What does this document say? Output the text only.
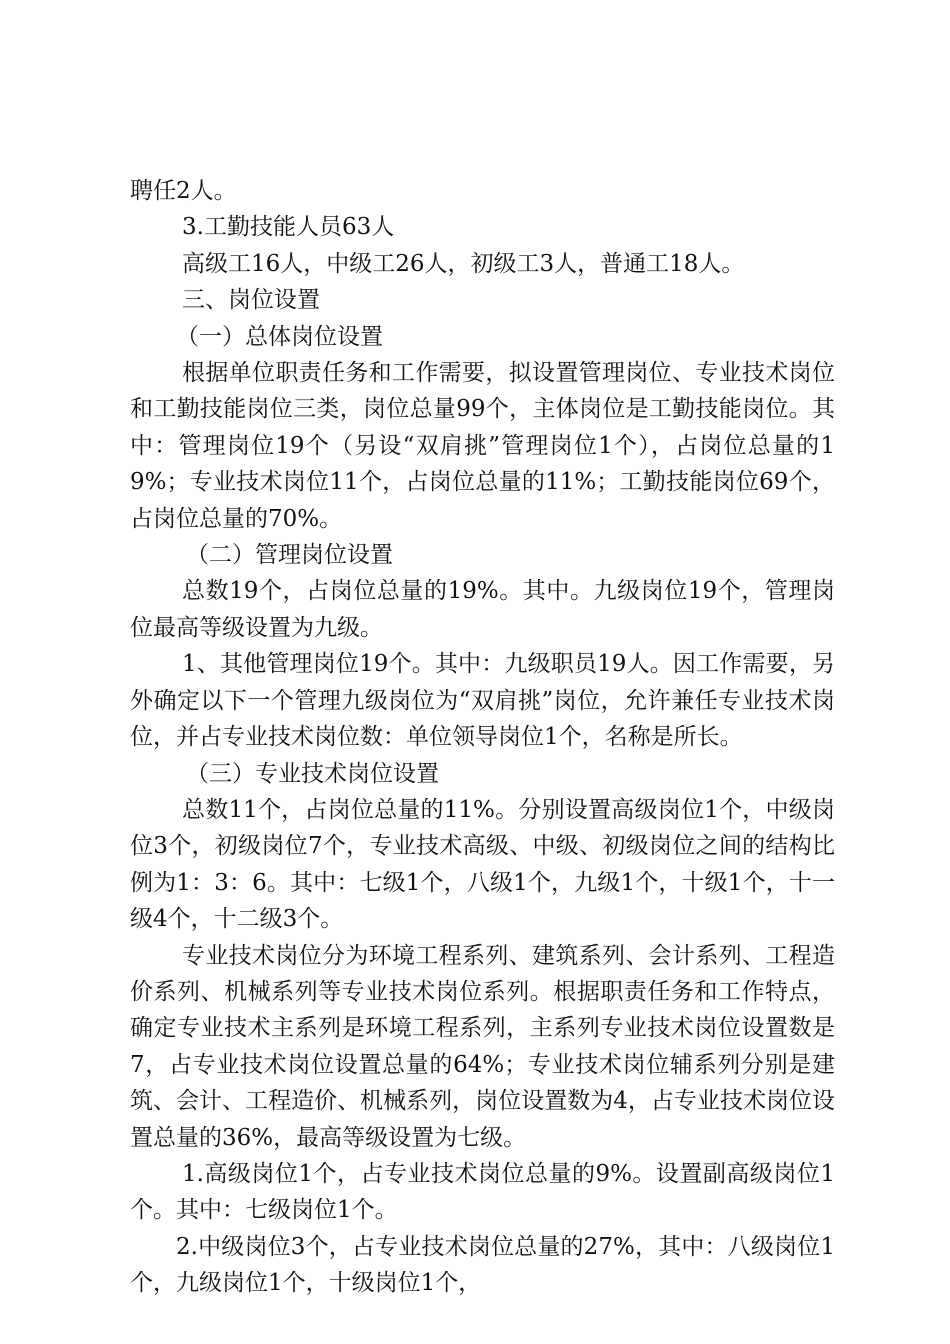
聘任2人。

3.工勤技能人员63人

高级工16人，中级工26人，初级工3人，普通工18人。

三、岗位设置

（一）总体岗位设置

根据单位职责任务和工作需要，拟设置管理岗位、专业技术岗位和工勤技能岗位三类，岗位总量99个，主体岗位是工勤技能岗位。其中：管理岗位19个（另设“双肩挑”管理岗位1个），占岗位总量的19%；专业技术岗位11个，占岗位总量的11%；工勤技能岗位69个，占岗位总量的70%。

（二）管理岗位设置

总数19个，占岗位总量的19%。其中。九级岗位19个，管理岗位最高等级设置为九级。

1、其他管理岗位19个。其中：九级职员19人。因工作需要，另外确定以下一个管理九级岗位为“双肩挑”岗位，允许兼任专业技术岗位，并占专业技术岗位数：单位领导岗位1个，名称是所长。

（三）专业技术岗位设置

总数11个，占岗位总量的11%。分别设置高级岗位1个，中级岗位3个，初级岗位7个，专业技术高级、中级、初级岗位之间的结构比例为1：3：6。其中：七级1个，八级1个，九级1个，十级1个，十一级4个，十二级3个。

专业技术岗位分为环境工程系列、建筑系列、会计系列、工程造价系列、机械系列等专业技术岗位系列。根据职责任务和工作特点，确定专业技术主系列是环境工程系列，主系列专业技术岗位设置数是7，占专业技术岗位设置总量的64%；专业技术岗位辅系列分别是建筑、会计、工程造价、机械系列，岗位设置数为4，占专业技术岗位设置总量的36%，最高等级设置为七级。

1.高级岗位1个，占专业技术岗位总量的9%。设置副高级岗位1个。其中：七级岗位1个。

2.中级岗位3个，占专业技术岗位总量的27%，其中：八级岗位1个，九级岗位1个，十级岗位1个，
